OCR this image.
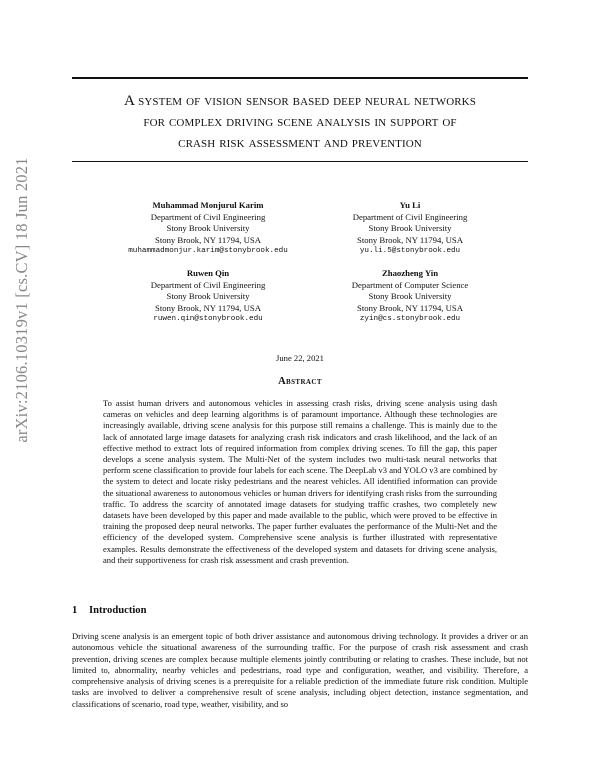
arXiv:2106.10319v1 [cs.CV] 18 Jun 2021
A system of vision sensor based deep neural networks
for complex driving scene analysis in support of
crash risk assessment and prevention
Muhammad Monjurul Karim
Department of Civil Engineering
Stony Brook University
Stony Brook, NY 11794, USA
muhammadmonjur.karim@stonybrook.edu
Yu Li
Department of Civil Engineering
Stony Brook University
Stony Brook, NY 11794, USA
yu.li.5@stonybrook.edu
Ruwen Qin
Department of Civil Engineering
Stony Brook University
Stony Brook, NY 11794, USA
ruwen.qin@stonybrook.edu
Zhaozheng Yin
Department of Computer Science
Stony Brook University
Stony Brook, NY 11794, USA
zyin@cs.stonybrook.edu
June 22, 2021
Abstract

To assist human drivers and autonomous vehicles in assessing crash risks, driving scene analysis using dash cameras on vehicles and deep learning algorithms is of paramount importance. Although these technologies are increasingly available, driving scene analysis for this purpose still remains a challenge. This is mainly due to the lack of annotated large image datasets for analyzing crash risk indicators and crash likelihood, and the lack of an effective method to extract lots of required information from complex driving scenes. To fill the gap, this paper develops a scene analysis system. The Multi-Net of the system includes two multi-task neural networks that perform scene classification to provide four labels for each scene. The DeepLab v3 and YOLO v3 are combined by the system to detect and locate risky pedestrians and the nearest vehicles. All identified information can provide the situational awareness to autonomous vehicles or human drivers for identifying crash risks from the surrounding traffic. To address the scarcity of annotated image datasets for studying traffic crashes, two completely new datasets have been developed by this paper and made available to the public, which were proved to be effective in training the proposed deep neural networks. The paper further evaluates the performance of the Multi-Net and the efficiency of the developed system. Comprehensive scene analysis is further illustrated with representative examples. Results demonstrate the effectiveness of the developed system and datasets for driving scene analysis, and their supportiveness for crash risk assessment and crash prevention.

1 Introduction

Driving scene analysis is an emergent topic of both driver assistance and autonomous driving technology. It provides a driver or an autonomous vehicle the situational awareness of the surrounding traffic. For the purpose of crash risk assessment and crash prevention, driving scenes are complex because multiple elements jointly contributing or relating to crashes. These include, but not limited to, abnormality, nearby vehicles and pedestrians, road type and configuration, weather, and visibility. Therefore, a comprehensive analysis of driving scenes is a prerequisite for a reliable prediction of the immediate future risk condition. Multiple tasks are involved to deliver a comprehensive result of scene analysis, including object detection, instance segmentation, and classifications of scenario, road type, weather, visibility, and so
